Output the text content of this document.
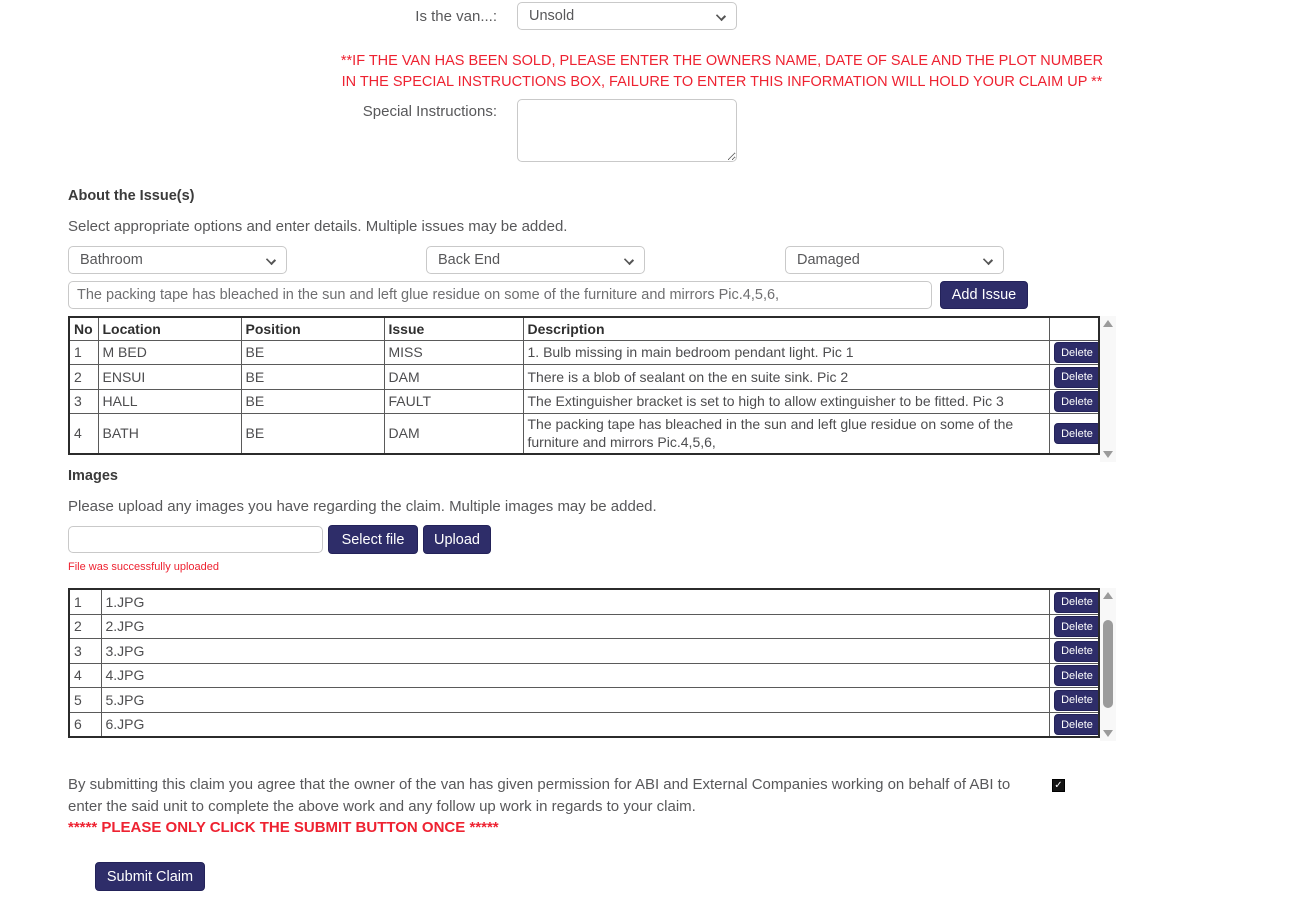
Is the van...: Unsold
**IF THE VAN HAS BEEN SOLD, PLEASE ENTER THE OWNERS NAME, DATE OF SALE AND THE PLOT NUMBER IN THE SPECIAL INSTRUCTIONS BOX, FAILURE TO ENTER THIS INFORMATION WILL HOLD YOUR CLAIM UP **
Special Instructions:
About the Issue(s)
Select appropriate options and enter details. Multiple issues may be added.
Bathroom	Back End	Damaged
The packing tape has bleached in the sun and left glue residue on some of the furniture and mirrors Pic.4,5,6,
Add Issue
No	Location	Position	Issue	Description	
1	M BED	BE	MISS	1. Bulb missing in main bedroom pendant light. Pic 1	Delete
2	ENSUI	BE	DAM	There is a blob of sealant on the en suite sink. Pic 2	Delete
3	HALL	BE	FAULT	The Extinguisher bracket is set to high to allow extinguisher to be fitted. Pic 3	Delete
4	BATH	BE	DAM	The packing tape has bleached in the sun and left glue residue on some of the furniture and mirrors Pic.4,5,6,	Delete
Images
Please upload any images you have regarding the claim. Multiple images may be added.
Select file	Upload
File was successfully uploaded
1	1.JPG	Delete
2	2.JPG	Delete
3	3.JPG	Delete
4	4.JPG	Delete
5	5.JPG	Delete
6	6.JPG	Delete
By submitting this claim you agree that the owner of the van has given permission for ABI and External Companies working on behalf of ABI to enter the said unit to complete the above work and any follow up work in regards to your claim.
✓
***** PLEASE ONLY CLICK THE SUBMIT BUTTON ONCE *****
Submit Claim
